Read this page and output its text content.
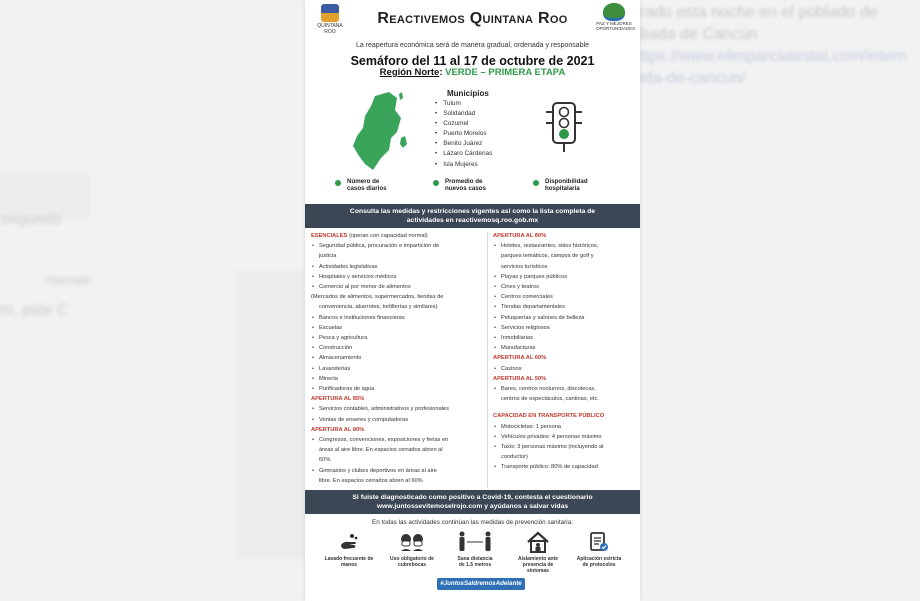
segundo
to, pide C
nternet
rado esta noche en el poblado de
bada de Cancún
ttps://www.elimparcialestal.com/intern
ida-de-cancun/
QUINTANA ROO
PAZ Y MEJORES OPORTUNIDADES
Reactivemos Quintana Roo
La reapertura económica será de manera gradual, ordenada y responsable
Semáforo del 11 al 17 de octubre de 2021
Región Norte: VERDE – PRIMERA ETAPA
Municipios
• Tulum
• Solidaridad
• Cozumel
• Puerto Morelos
• Benito Juárez
• Lázaro Cárdenas
• Isla Mujeres
Número de
casos diarios
Promedio de
nuevos casos
Disponibilidad
hospitalaria
Consulta las medidas y restricciones vigentes así como la lista completa de
actividades en reactivemosq.roo.gob.mx
ESENCIALES (operan con capacidad normal)
• Seguridad pública, procuración e impartición de
justicia
• Actividades legislativas
• Hospitales y servicios médicos
• Comercio al por menor de alimentos
(Mercados de alimentos, supermercados, tiendas de
conveniencia, abarrotes, tortillerías y similares)
• Bancos e instituciones financieras
• Escuelas
• Pesca y agricultura
• Construcción
• Almacenamiento
• Lavanderías
• Minería
• Purificadoras de agua
APERTURA AL 85%
• Servicios contables, administrativos y profesionales
• Ventas de enseres y computadoras
APERTURA AL 80%
• Congresos, convenciones, exposiciones y ferias en
áreas al aire libre. En espacios cerrados abren al
60%
• Gimnasios y clubes deportivos en áreas al aire
libre. En espacios cerrados abren al 60%
APERTURA AL 80%
• Hoteles, restaurantes, sitios históricos,
parques temáticos, campos de golf y
servicios turísticos
• Playas y parques públicos
• Cines y teatros
• Centros comerciales
• Tiendas departamentales
• Peluquerías y salones de belleza
• Servicios religiosos
• Inmobiliarias
• Manufacturas
APERTURA AL 60%
• Casinos
APERTURA AL 50%
• Bares, centros nocturnos, discotecas,
centros de espectáculos, cantinas, etc.
CAPACIDAD EN TRANSPORTE PÚBLICO
• Motocicletas: 1 persona
• Vehículos privados: 4 personas máximo
• Taxis: 3 personas máximo (incluyendo al
conductor)
• Transporte público: 80% de capacidad
Si fuiste diagnosticado como positivo a Covid-19, contesta el cuestionario
www.juntossevitemoselrojo.com y ayúdanos a salvar vidas
En todas las actividades continúan las medidas de prevención sanitaria:
Lavado frecuente de
manos
Uso obligatorio de
cubrebocas
Sana distancia
de 1.5 metros
Aislamiento ante
presencia de
síntomas
Aplicación estricta
de protocolos
#JuntosSaldremosAdelante
